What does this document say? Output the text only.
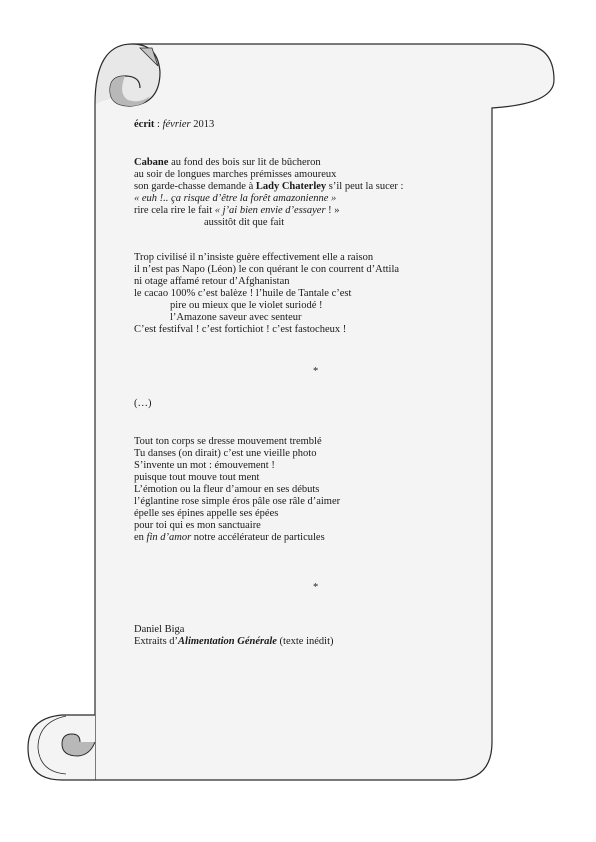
écrit : février 2013
Cabane au fond des bois sur lit de bûcheron
au soir de longues marches prémisses amoureux
son garde-chasse demande à Lady Chaterley s’il peut la sucer :
« euh !.. ça risque d’être la forêt amazonienne »
rire cela rire le fait « j’ai bien envie d’essayer ! »
aussitôt dit que fait
Trop civilisé il n’insiste guère effectivement elle a raison
il n’est pas Napo (Léon) le con quérant le con courrent d’Attila
ni otage affamé retour d’Afghanistan
le cacao 100% c’est balèze ! l’huile de Tantale c’est
pire ou mieux que le violet suriodé !
l’Amazone saveur avec senteur
C’est festifval ! c’est fortichiot ! c’est fastocheux !
*
(…)
Tout ton corps se dresse mouvement tremblé
Tu danses (on dirait) c’est une vieille photo
S’invente un mot : émouvement !
puisque tout mouve tout ment
L’émotion ou la fleur d’amour en ses débuts
l’églantine rose simple éros pâle ose râle d’aimer
épelle ses épines appelle ses épées
pour toi qui es mon sanctuaire
en fin d’amor notre accélérateur de particules
*
Daniel Biga
Extraits d’Alimentation Générale (texte inédit)
